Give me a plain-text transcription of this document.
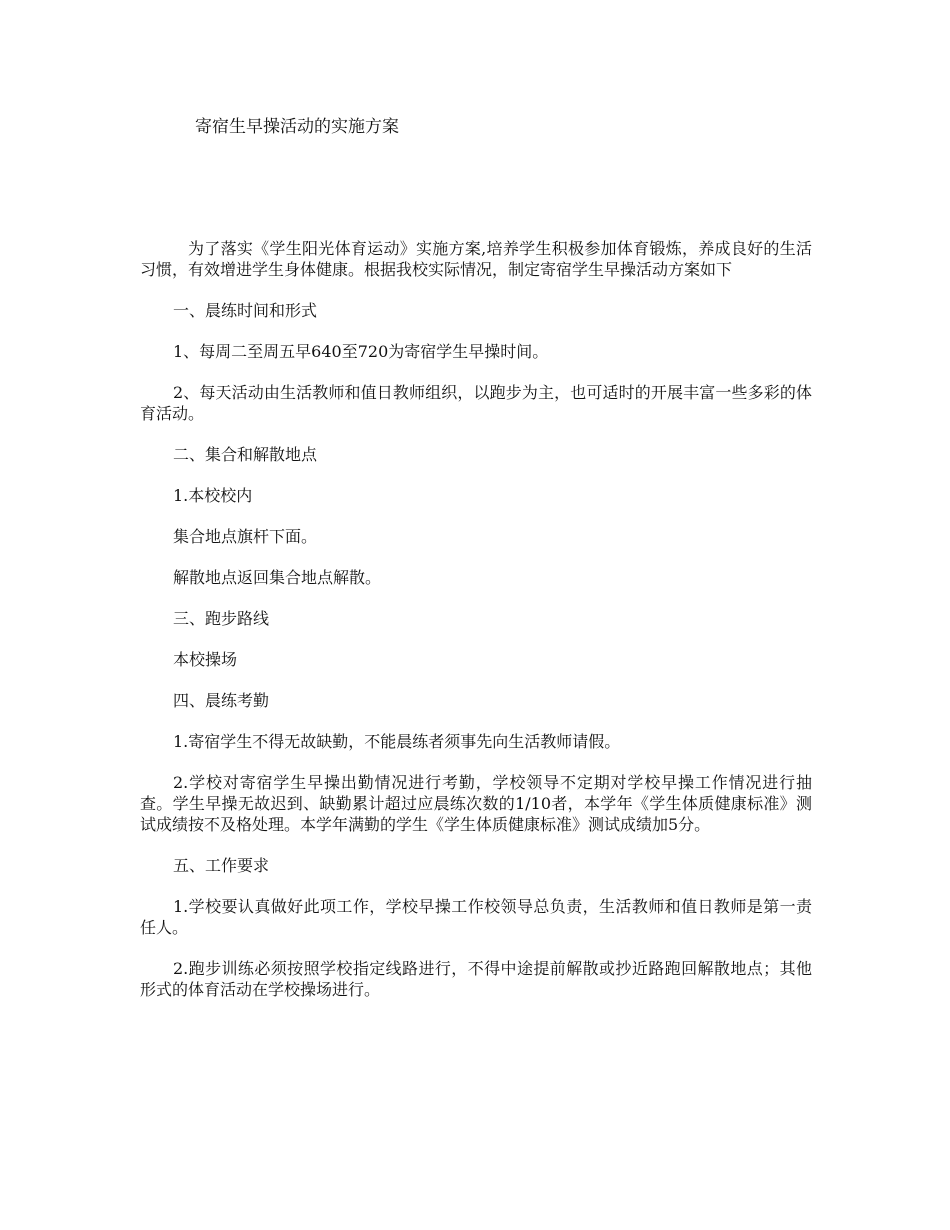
寄宿生早操活动的实施方案

为了落实《学生阳光体育运动》实施方案,培养学生积极参加体育锻炼，养成良好的生活习惯，有效增进学生身体健康。根据我校实际情况，制定寄宿学生早操活动方案如下

一、晨练时间和形式

1、每周二至周五早640至720为寄宿学生早操时间。

2、每天活动由生活教师和值日教师组织，以跑步为主，也可适时的开展丰富一些多彩的体育活动。

二、集合和解散地点

1.本校校内

集合地点旗杆下面。

解散地点返回集合地点解散。

三、跑步路线

本校操场

四、晨练考勤

1.寄宿学生不得无故缺勤，不能晨练者须事先向生活教师请假。

2.学校对寄宿学生早操出勤情况进行考勤，学校领导不定期对学校早操工作情况进行抽查。学生早操无故迟到、缺勤累计超过应晨练次数的1/10者，本学年《学生体质健康标准》测试成绩按不及格处理。本学年满勤的学生《学生体质健康标准》测试成绩加5分。

五、工作要求

1.学校要认真做好此项工作，学校早操工作校领导总负责，生活教师和值日教师是第一责任人。

2.跑步训练必须按照学校指定线路进行，不得中途提前解散或抄近路跑回解散地点；其他形式的体育活动在学校操场进行。
